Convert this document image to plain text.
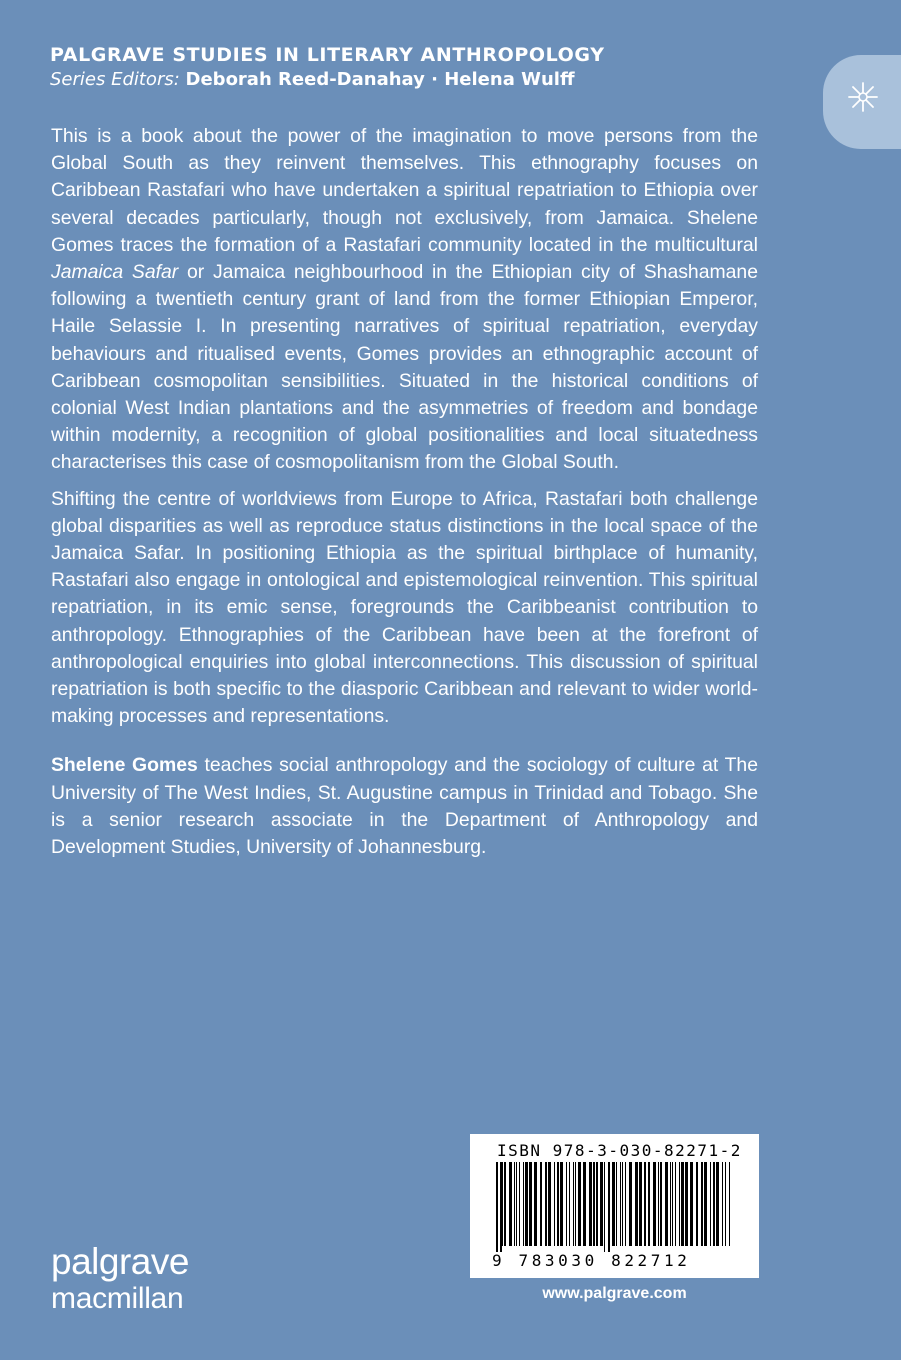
PALGRAVE STUDIES IN LITERARY ANTHROPOLOGY
Series Editors: Deborah Reed-Danahay · Helena Wulff

This is a book about the power of the imagination to move persons from the Global South as they reinvent themselves. This ethnography focuses on Caribbean Rastafari who have undertaken a spiritual repatriation to Ethiopia over several decades particularly, though not exclusively, from Jamaica. Shelene Gomes traces the formation of a Rastafari community located in the multicultural Jamaica Safar or Jamaica neighbourhood in the Ethiopian city of Shashamane following a twentieth century grant of land from the former Ethiopian Emperor, Haile Selassie I. In presenting narratives of spiritual repatriation, everyday behaviours and ritualised events, Gomes provides an ethnographic account of Caribbean cosmopolitan sensibilities. Situated in the historical conditions of colonial West Indian plantations and the asymmetries of freedom and bondage within modernity, a recognition of global positionalities and local situatedness characterises this case of cosmopolitanism from the Global South.

Shifting the centre of worldviews from Europe to Africa, Rastafari both challenge global disparities as well as reproduce status distinctions in the local space of the Jamaica Safar. In positioning Ethiopia as the spiritual birthplace of humanity, Rastafari also engage in ontological and epistemological reinvention. This spiritual repatriation, in its emic sense, foregrounds the Caribbeanist contribution to anthropology. Ethnographies of the Caribbean have been at the forefront of anthropological enquiries into global interconnections. This discussion of spiritual repatriation is both specific to the diasporic Caribbean and relevant to wider world-making processes and representations.

Shelene Gomes teaches social anthropology and the sociology of culture at The University of The West Indies, St. Augustine campus in Trinidad and Tobago. She is a senior research associate in the Department of Anthropology and Development Studies, University of Johannesburg.

ISBN 978-3-030-82271-2
9 783030 822712
www.palgrave.com
palgrave
macmillan
